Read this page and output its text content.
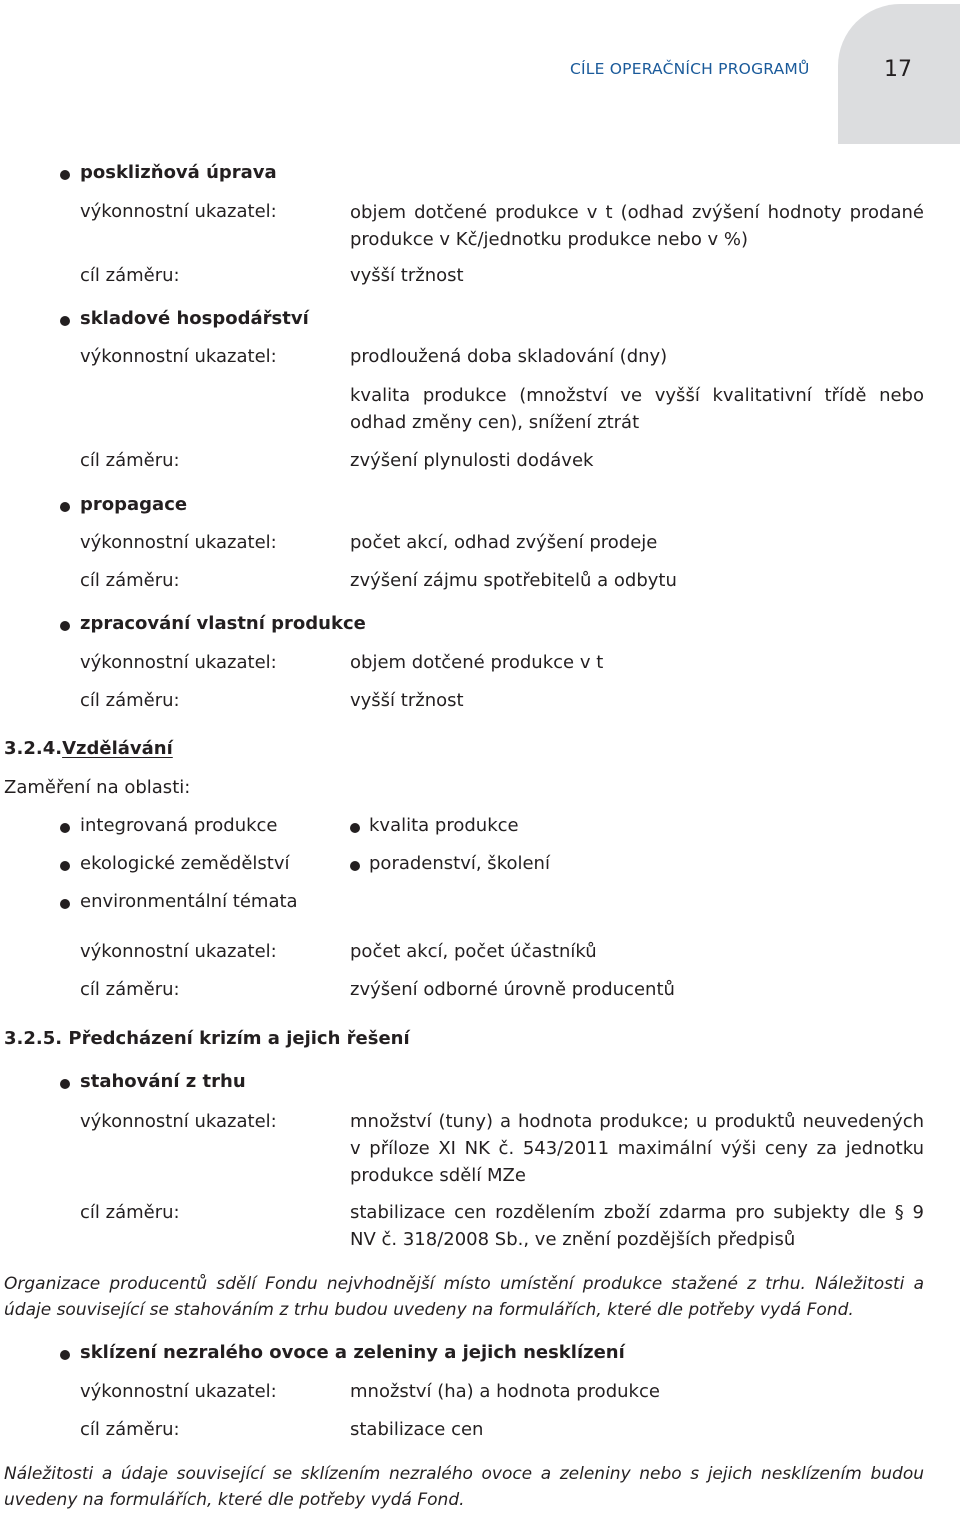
CÍLE OPERAČNÍCH PROGRAMŮ	17
posklizňová úprava
výkonnostní ukazatel:	objem dotčené produkce v t (odhad zvýšení hodnoty prodané produkce v Kč/jednotku produkce nebo v %)
cíl záměru:	vyšší tržnost
skladové hospodářství
výkonnostní ukazatel:	prodloužená doba skladování (dny)
kvalita produkce (množství ve vyšší kvalitativní třídě nebo odhad změny cen), snížení ztrát
cíl záměru:	zvýšení plynulosti dodávek
propagace
výkonnostní ukazatel:	počet akcí, odhad zvýšení prodeje
cíl záměru:	zvýšení zájmu spotřebitelů a odbytu
zpracování vlastní produkce
výkonnostní ukazatel:	objem dotčené produkce v t
cíl záměru:	vyšší tržnost
3.2.4.Vzdělávání
Zaměření na oblasti:
integrovaná produkce	kvalita produkce
ekologické zemědělství	poradenství, školení
environmentální témata
výkonnostní ukazatel:	počet akcí, počet účastníků
cíl záměru:	zvýšení odborné úrovně producentů
3.2.5. Předcházení krizím a jejich řešení
stahování z trhu
výkonnostní ukazatel:	množství (tuny) a hodnota produkce; u produktů neuvedených v příloze XI NK č. 543/2011 maximální výši ceny za jednotku produkce sdělí MZe
cíl záměru:	stabilizace cen rozdělením zboží zdarma pro subjekty dle § 9 NV č. 318/2008 Sb., ve znění pozdějších předpisů
Organizace producentů sdělí Fondu nejvhodnější místo umístění produkce stažené z trhu. Náležitosti a údaje související se stahováním z trhu budou uvedeny na formulářích, které dle potřeby vydá Fond.
sklízení nezralého ovoce a zeleniny a jejich nesklízení
výkonnostní ukazatel:	množství (ha) a hodnota produkce
cíl záměru:	stabilizace cen
Náležitosti a údaje související se sklízením nezralého ovoce a zeleniny nebo s jejich nesklízením budou uvedeny na formulářích, které dle potřeby vydá Fond.
